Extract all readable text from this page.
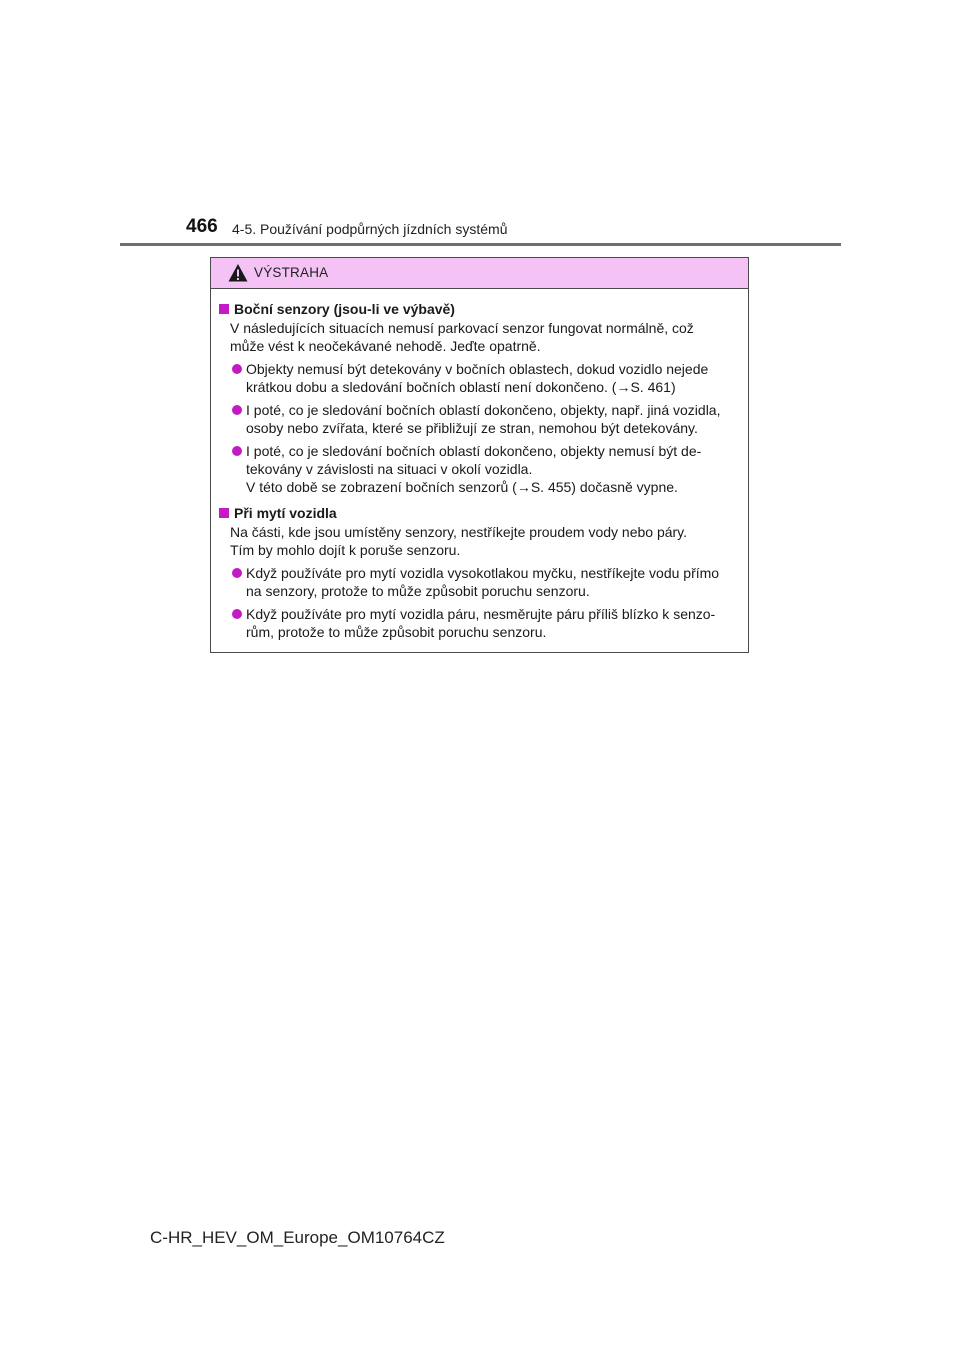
466 4-5. Používání podpůrných jízdních systémů
VÝSTRAHA
Boční senzory (jsou-li ve výbavě)
V následujících situacích nemusí parkovací senzor fungovat normálně, což
může vést k neočekávané nehodě. Jeďte opatrně.
Objekty nemusí být detekovány v bočních oblastech, dokud vozidlo nejede
krátkou dobu a sledování bočních oblastí není dokončeno. (→S. 461)
I poté, co je sledování bočních oblastí dokončeno, objekty, např. jiná vozidla,
osoby nebo zvířata, které se přibližují ze stran, nemohou být detekovány.
I poté, co je sledování bočních oblastí dokončeno, objekty nemusí být de-
tekovány v závislosti na situaci v okolí vozidla.
V této době se zobrazení bočních senzorů (→S. 455) dočasně vypne.
Při mytí vozidla
Na části, kde jsou umístěny senzory, nestříkejte proudem vody nebo páry.
Tím by mohlo dojít k poruše senzoru.
Když používáte pro mytí vozidla vysokotlakou myčku, nestříkejte vodu přímo
na senzory, protože to může způsobit poruchu senzoru.
Když používáte pro mytí vozidla páru, nesměrujte páru příliš blízko k senzo-
rům, protože to může způsobit poruchu senzoru.
C-HR_HEV_OM_Europe_OM10764CZ
